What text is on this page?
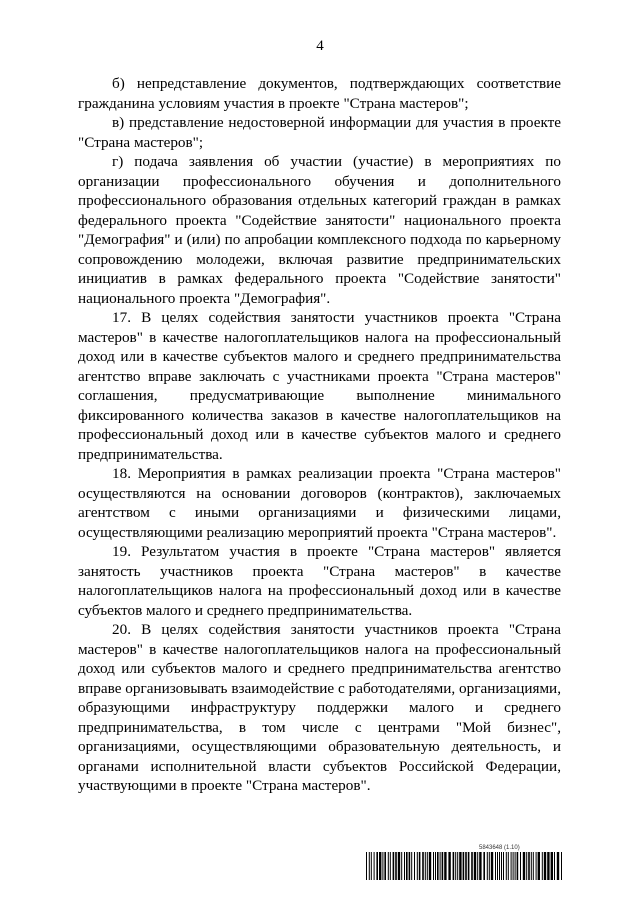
4

б) непредставление документов, подтверждающих соответствие гражданина условиям участия в проекте "Страна мастеров";

в) представление недостоверной информации для участия в проекте "Страна мастеров";

г) подача заявления об участии (участие) в мероприятиях по организации профессионального обучения и дополнительного профессионального образования отдельных категорий граждан в рамках федерального проекта "Содействие занятости" национального проекта "Демография" и (или) по апробации комплексного подхода по карьерному сопровождению молодежи, включая развитие предпринимательских инициатив в рамках федерального проекта "Содействие занятости" национального проекта "Демография".

17. В целях содействия занятости участников проекта "Страна мастеров" в качестве налогоплательщиков налога на профессиональный доход или в качестве субъектов малого и среднего предпринимательства агентство вправе заключать с участниками проекта "Страна мастеров" соглашения, предусматривающие выполнение минимального фиксированного количества заказов в качестве налогоплательщиков на профессиональный доход или в качестве субъектов малого и среднего предпринимательства.

18. Мероприятия в рамках реализации проекта "Страна мастеров" осуществляются на основании договоров (контрактов), заключаемых агентством с иными организациями и физическими лицами, осуществляющими реализацию мероприятий проекта "Страна мастеров".

19. Результатом участия в проекте "Страна мастеров" является занятость участников проекта "Страна мастеров" в качестве налогоплательщиков налога на профессиональный доход или в качестве субъектов малого и среднего предпринимательства.

20. В целях содействия занятости участников проекта "Страна мастеров" в качестве налогоплательщиков налога на профессиональный доход или субъектов малого и среднего предпринимательства агентство вправе организовывать взаимодействие с работодателями, организациями, образующими инфраструктуру поддержки малого и среднего предпринимательства, в том числе с центрами "Мой бизнес", организациями, осуществляющими образовательную деятельность, и органами исполнительной власти субъектов Российской Федерации, участвующими в проекте "Страна мастеров".

5843648 (1.10)
